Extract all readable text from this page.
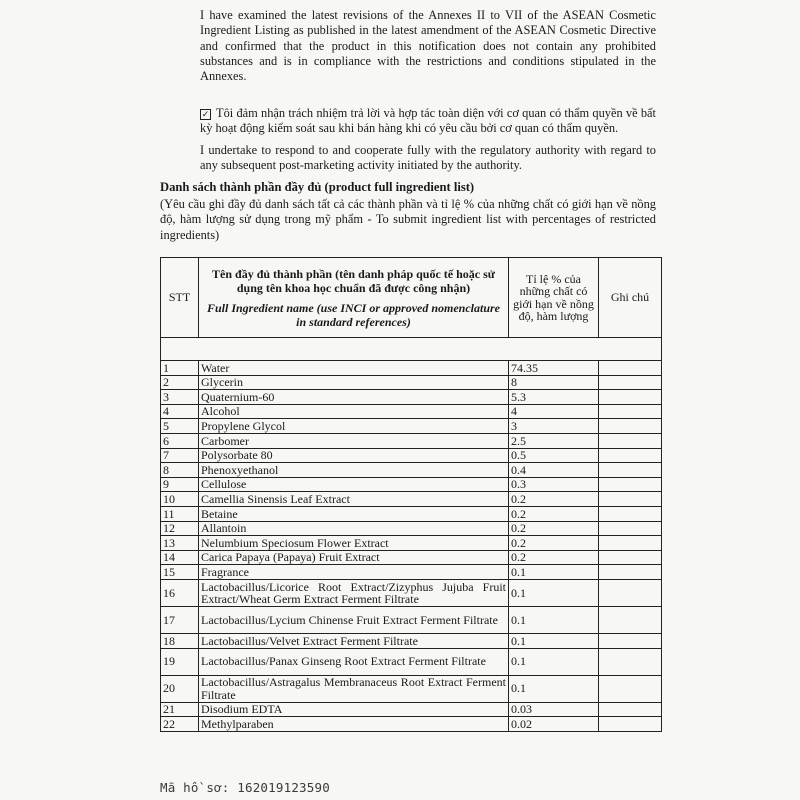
I have examined the latest revisions of the Annexes II to VII of the ASEAN Cosmetic Ingredient Listing as published in the latest amendment of the ASEAN Cosmetic Directive and confirmed that the product in this notification does not contain any prohibited substances and is in compliance with the restrictions and conditions stipulated in the Annexes.

✓ Tôi đảm nhận trách nhiệm trả lời và hợp tác toàn diện với cơ quan có thẩm quyền về bất kỳ hoạt động kiểm soát sau khi bán hàng khi có yêu cầu bởi cơ quan có thẩm quyền.

I undertake to respond to and cooperate fully with the regulatory authority with regard to any subsequent post-marketing activity initiated by the authority.

Danh sách thành phần đầy đủ (product full ingredient list)
(Yêu cầu ghi đầy đủ danh sách tất cả các thành phần và tỉ lệ % của những chất có giới hạn về nồng độ, hàm lượng sử dụng trong mỹ phẩm - To submit ingredient list with percentages of restricted ingredients)
STT	Tên đầy đủ thành phần (tên danh pháp quốc tế hoặc sử dụng tên khoa học chuẩn đã được công nhận)
Full Ingredient name (use INCI or approved nomenclature in standard references)	Tỉ lệ % của những chất có giới hạn về nồng độ, hàm lượng	Ghi chú

1	Water	74.35	
2	Glycerin	8	
3	Quaternium-60	5.3	
4	Alcohol	4	
5	Propylene Glycol	3	
6	Carbomer	2.5	
7	Polysorbate 80	0.5	
8	Phenoxyethanol	0.4	
9	Cellulose	0.3	
10	Camellia Sinensis Leaf Extract	0.2	
11	Betaine	0.2	
12	Allantoin	0.2	
13	Nelumbium Speciosum Flower Extract	0.2	
14	Carica Papaya (Papaya) Fruit Extract	0.2	
15	Fragrance	0.1	
16	Lactobacillus/Licorice Root Extract/Zizyphus Jujuba Fruit Extract/Wheat Germ Extract Ferment Filtrate	0.1	
17	Lactobacillus/Lycium Chinense Fruit Extract Ferment Filtrate	0.1	
18	Lactobacillus/Velvet Extract Ferment Filtrate	0.1	
19	Lactobacillus/Panax Ginseng Root Extract Ferment Filtrate	0.1	
20	Lactobacillus/Astragalus Membranaceus Root Extract Ferment Filtrate	0.1	
21	Disodium EDTA	0.03	
22	Methylparaben	0.02	
Mã hồ sơ: 162019123590
